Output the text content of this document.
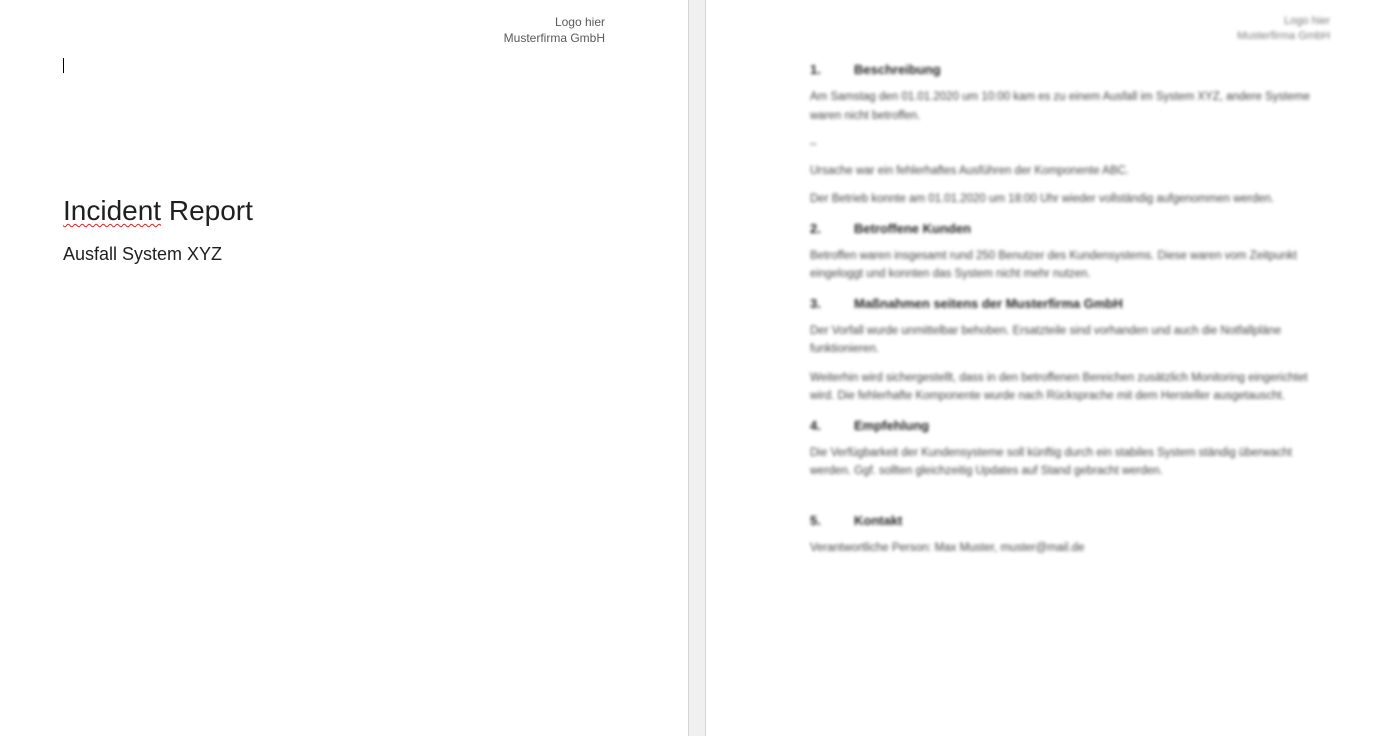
Logo hier
Musterfirma GmbH
Incident Report
Ausfall System XYZ
Logo hier
Musterfirma GmbH
1.	Beschreibung
Am Samstag den 01.01.2020 um 10:00 kam es zu einem Ausfall im System XYZ, andere Systeme waren nicht betroffen.
–
Ursache war ein fehlerhaftes Ausführen der Komponente ABC.
Der Betrieb konnte am 01.01.2020 um 18:00 Uhr wieder vollständig aufgenommen werden.
2.	Betroffene Kunden
Betroffen waren insgesamt rund 250 Benutzer des Kundensystems. Diese waren vom Zeitpunkt eingeloggt und konnten das System nicht mehr nutzen.
3.	Maßnahmen seitens der Musterfirma GmbH
Der Vorfall wurde unmittelbar behoben. Ersatzteile sind vorhanden und auch die Notfallpläne funktionieren.
Weiterhin wird sichergestellt, dass in den betroffenen Bereichen zusätzlich Monitoring eingerichtet wird. Die fehlerhafte Komponente wurde nach Rücksprache mit dem Hersteller ausgetauscht.
4.	Empfehlung
Die Verfügbarkeit der Kundensysteme soll künftig durch ein stabiles System ständig überwacht werden. Ggf. sollten gleichzeitig Updates auf Stand gebracht werden.
5.	Kontakt
Verantwortliche Person: Max Muster, muster@mail.de
